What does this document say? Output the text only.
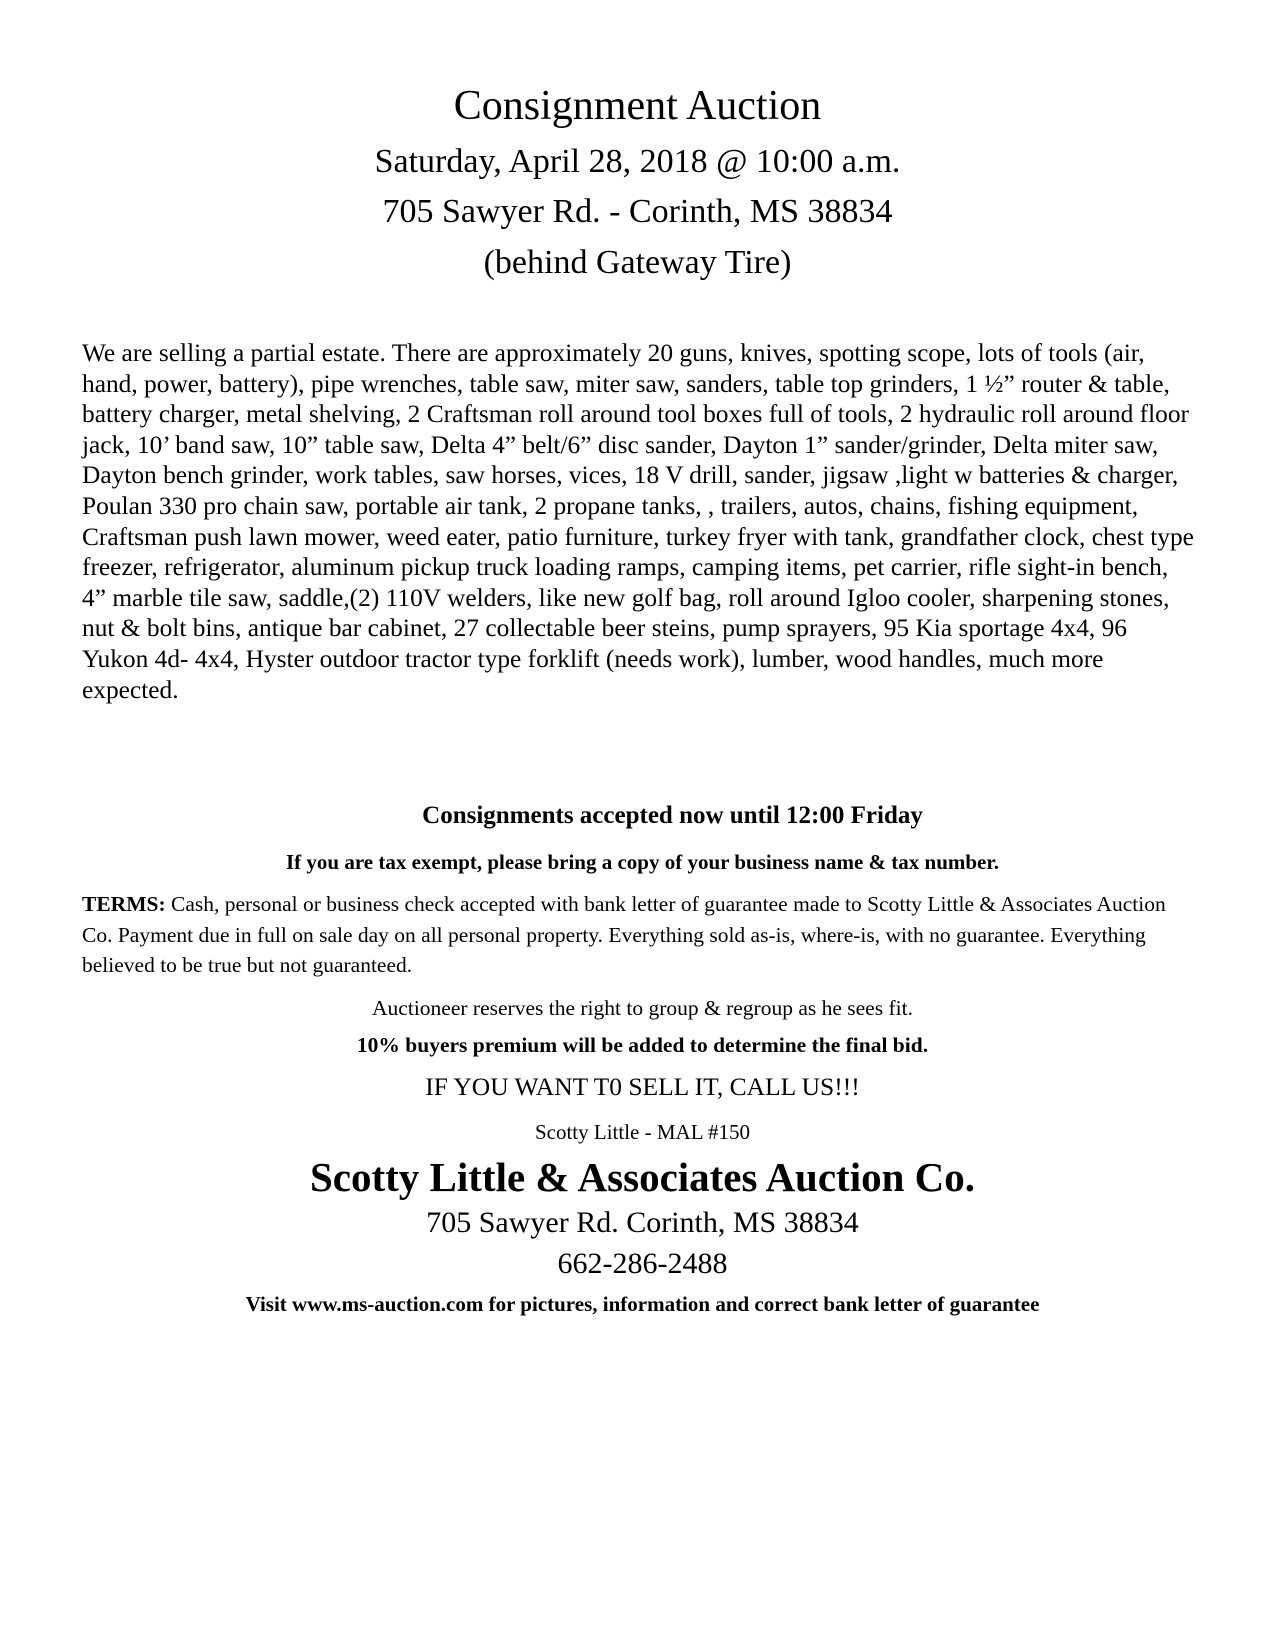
Consignment Auction

Saturday, April 28, 2018 @ 10:00 a.m.

705 Sawyer Rd. - Corinth, MS 38834

(behind Gateway Tire)

We are selling a partial estate. There are approximately 20 guns, knives, spotting scope, lots of tools (air, hand, power, battery), pipe wrenches, table saw, miter saw, sanders, table top grinders, 1 ½” router & table, battery charger, metal shelving, 2 Craftsman roll around tool boxes full of tools, 2 hydraulic roll around floor jack, 10’ band saw, 10” table saw, Delta 4” belt/6” disc sander, Dayton 1” sander/grinder, Delta miter saw, Dayton bench grinder, work tables, saw horses, vices, 18 V drill, sander, jigsaw ,light w batteries & charger, Poulan 330 pro chain saw, portable air tank, 2 propane tanks, , trailers, autos, chains, fishing equipment, Craftsman push lawn mower, weed eater, patio furniture, turkey fryer with tank, grandfather clock, chest type freezer, refrigerator, aluminum pickup truck loading ramps, camping items, pet carrier, rifle sight-in bench, 4” marble tile saw, saddle,(2) 110V welders, like new golf bag, roll around Igloo cooler, sharpening stones, nut & bolt bins, antique bar cabinet, 27 collectable beer steins, pump sprayers, 95 Kia sportage 4x4, 96 Yukon 4d- 4x4, Hyster outdoor tractor type forklift (needs work), lumber, wood handles, much more expected.

Consignments accepted now until 12:00 Friday

If you are tax exempt, please bring a copy of your business name & tax number.

TERMS: Cash, personal or business check accepted with bank letter of guarantee made to Scotty Little & Associates Auction Co. Payment due in full on sale day on all personal property. Everything sold as-is, where-is, with no guarantee. Everything believed to be true but not guaranteed.

Auctioneer reserves the right to group & regroup as he sees fit.

10% buyers premium will be added to determine the final bid.

IF YOU WANT T0 SELL IT, CALL US!!!

Scotty Little - MAL #150

Scotty Little & Associates Auction Co.

705 Sawyer Rd. Corinth, MS 38834

662-286-2488

Visit www.ms-auction.com for pictures, information and correct bank letter of guarantee
